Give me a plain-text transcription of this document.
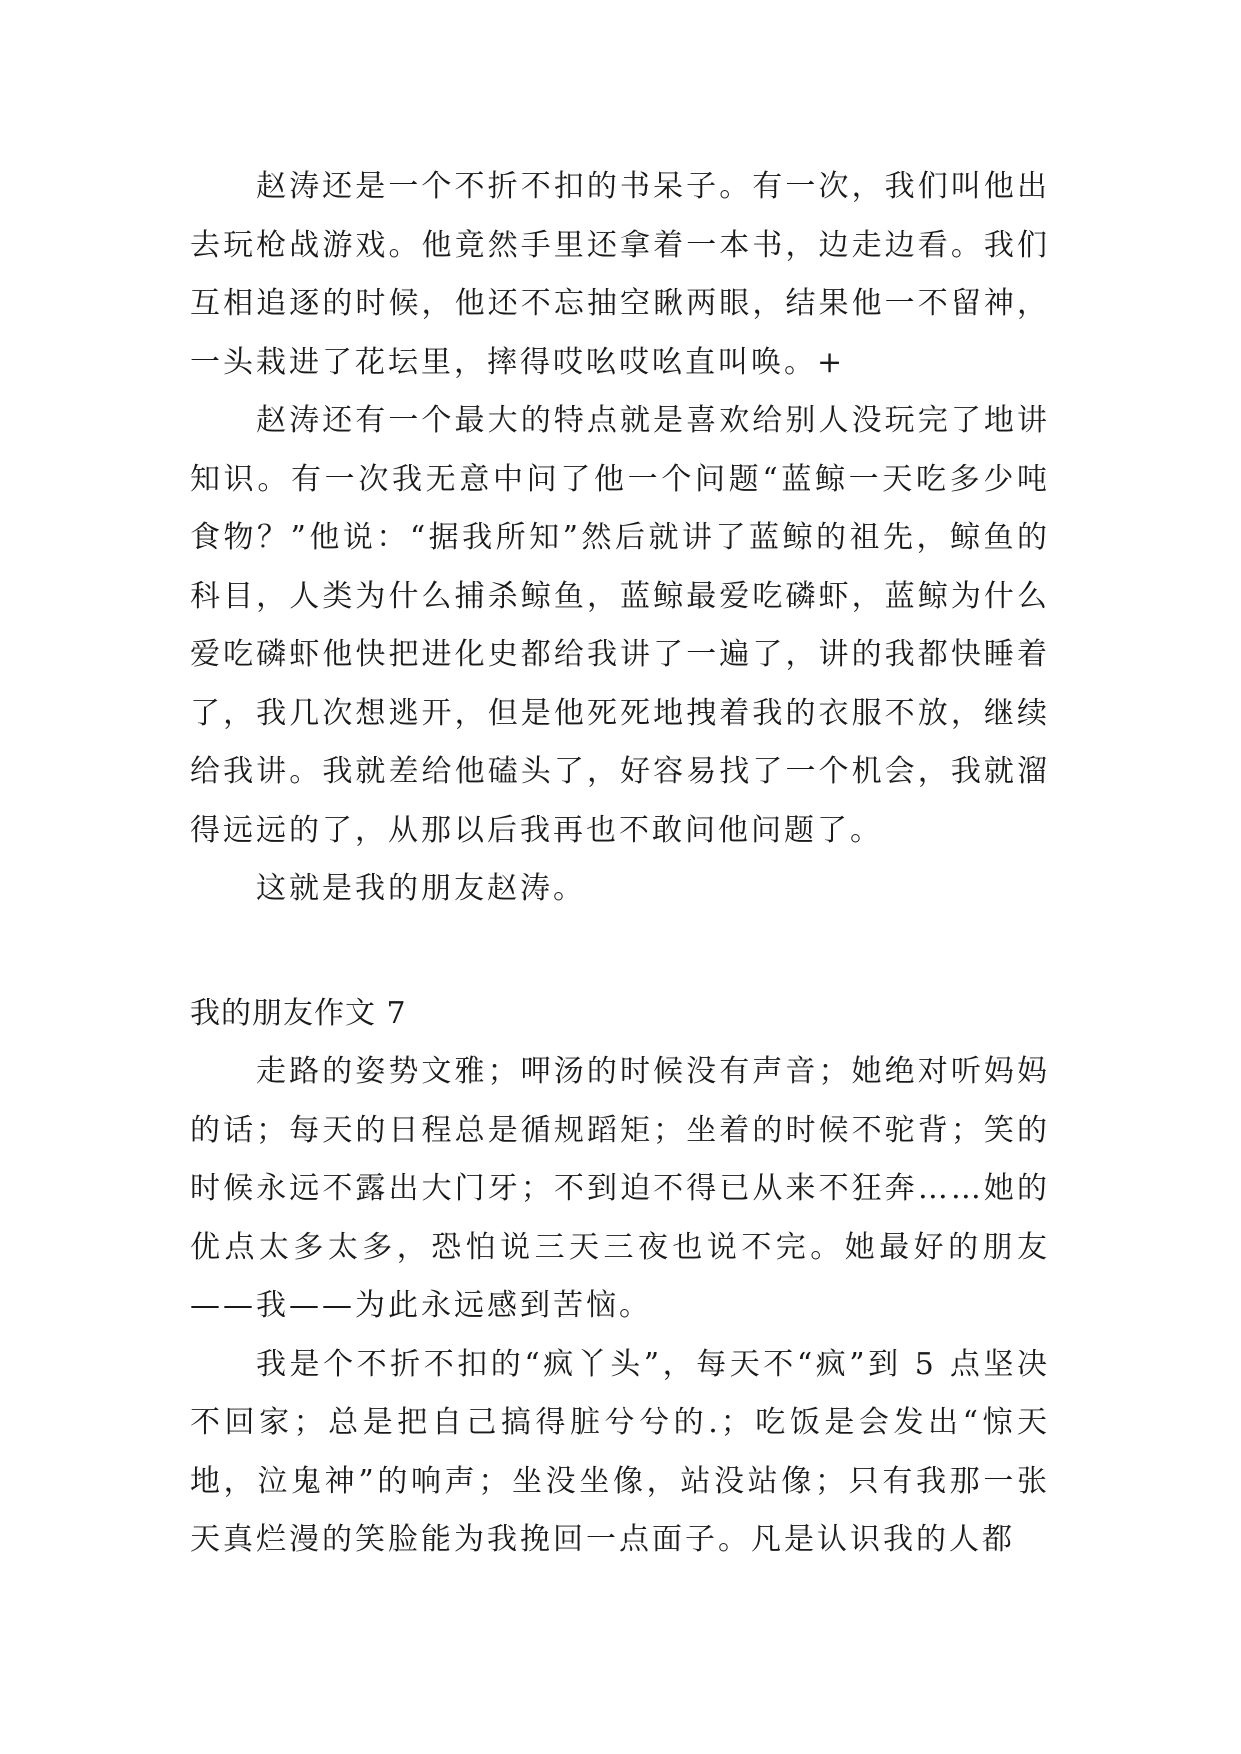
赵涛还是一个不折不扣的书呆子。有一次，我们叫他出去玩枪战游戏。他竟然手里还拿着一本书，边走边看。我们互相追逐的时候，他还不忘抽空瞅两眼，结果他一不留神，一头栽进了花坛里，摔得哎吆哎吆直叫唤。+

赵涛还有一个最大的特点就是喜欢给别人没玩完了地讲知识。有一次我无意中问了他一个问题“蓝鲸一天吃多少吨食物？”他说：“据我所知”然后就讲了蓝鲸的祖先，鲸鱼的科目，人类为什么捕杀鲸鱼，蓝鲸最爱吃磷虾，蓝鲸为什么爱吃磷虾他快把进化史都给我讲了一遍了，讲的我都快睡着了，我几次想逃开，但是他死死地拽着我的衣服不放，继续给我讲。我就差给他磕头了，好容易找了一个机会，我就溜得远远的了，从那以后我再也不敢问他问题了。

这就是我的朋友赵涛。

我的朋友作文 7

走路的姿势文雅；呷汤的时候没有声音；她绝对听妈妈的话；每天的日程总是循规蹈矩；坐着的时候不驼背；笑的时候永远不露出大门牙；不到迫不得已从来不狂奔……她的优点太多太多，恐怕说三天三夜也说不完。她最好的朋友——我——为此永远感到苦恼。

我是个不折不扣的“疯丫头”，每天不“疯”到 5 点坚决不回家；总是把自己搞得脏兮兮的.；吃饭是会发出“惊天地，泣鬼神”的响声；坐没坐像，站没站像；只有我那一张天真烂漫的笑脸能为我挽回一点面子。凡是认识我的人都
